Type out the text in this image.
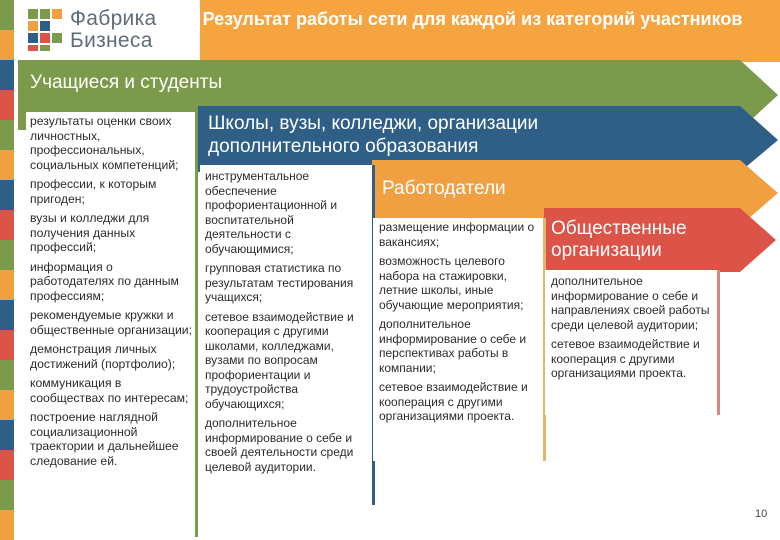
Фабрика
Бизнеса
Результат работы сети для каждой из категорий участников
Учащиеся и студенты
Школы, вузы, колледжи, организации дополнительного образования
Работодатели
Общественные организации

результаты оценки своих личностных, профессиональных, социальных компетенций;

профессии, к которым пригоден;

вузы и колледжи для получения данных профессий;

информация о работодателях по данным профессиям;

рекомендуемые кружки и общественные организации;

демонстрация личных достижений (портфолио);

коммуникация в сообществах по интересам;

построение наглядной социализационной траектории и дальнейшее следование ей.

инструментальное обеспечение профориентационной и воспитательной деятельности с обучающимися;

групповая статистика по результатам тестирования учащихся;

сетевое взаимодействие и кооперация с другими школами, колледжами, вузами по вопросам профориентации и трудоустройства обучающихся;

дополнительное информирование о себе и своей деятельности среди целевой аудитории.

размещение информации о вакансиях;

возможность целевого набора на стажировки, летние школы, иные обучающие мероприятия;

дополнительное информирование о себе и перспективах работы в компании;

сетевое взаимодействие и кооперация с другими организациями проекта.

дополнительное информирование о себе и направлениях своей работы среди целевой аудитории;

сетевое взаимодействие и кооперация с другими организациями проекта.

10
